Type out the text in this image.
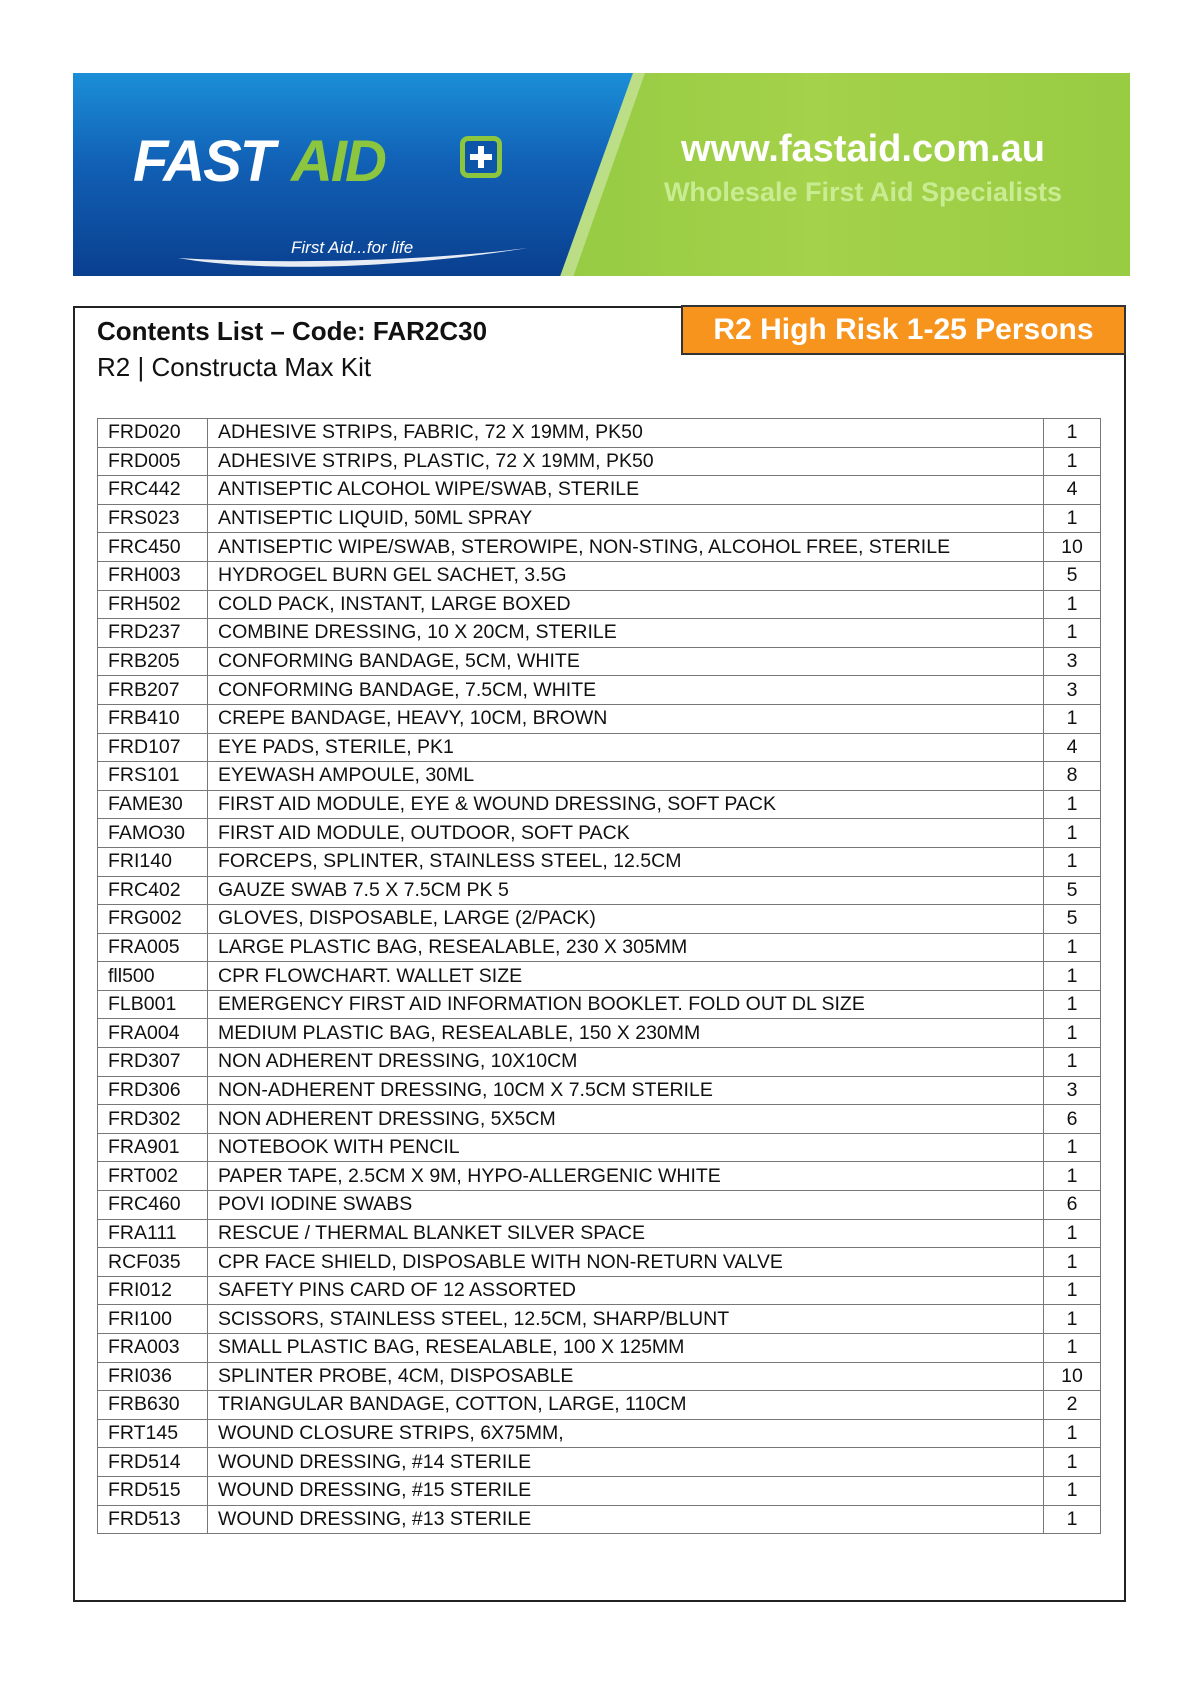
FAST AID
First Aid...for life
www.fastaid.com.au
Wholesale First Aid Specialists
Contents List – Code: FAR2C30
R2 | Constructa Max Kit
R2 High Risk 1-25 Persons
FRD020	ADHESIVE STRIPS, FABRIC, 72 X 19MM, PK50	1
FRD005	ADHESIVE STRIPS, PLASTIC, 72 X 19MM, PK50	1
FRC442	ANTISEPTIC ALCOHOL WIPE/SWAB, STERILE	4
FRS023	ANTISEPTIC LIQUID, 50ML SPRAY	1
FRC450	ANTISEPTIC WIPE/SWAB, STEROWIPE, NON-STING, ALCOHOL FREE, STERILE	10
FRH003	HYDROGEL BURN GEL SACHET, 3.5G	5
FRH502	COLD PACK, INSTANT, LARGE BOXED	1
FRD237	COMBINE DRESSING, 10 X 20CM, STERILE	1
FRB205	CONFORMING BANDAGE, 5CM, WHITE	3
FRB207	CONFORMING BANDAGE, 7.5CM, WHITE	3
FRB410	CREPE BANDAGE, HEAVY, 10CM, BROWN	1
FRD107	EYE PADS, STERILE, PK1	4
FRS101	EYEWASH AMPOULE, 30ML	8
FAME30	FIRST AID MODULE, EYE & WOUND DRESSING, SOFT PACK	1
FAMO30	FIRST AID MODULE, OUTDOOR, SOFT PACK	1
FRI140	FORCEPS, SPLINTER, STAINLESS STEEL, 12.5CM	1
FRC402	GAUZE SWAB 7.5 X 7.5CM PK 5	5
FRG002	GLOVES, DISPOSABLE, LARGE (2/PACK)	5
FRA005	LARGE PLASTIC BAG, RESEALABLE, 230 X 305MM	1
fll500	CPR FLOWCHART. WALLET SIZE	1
FLB001	EMERGENCY FIRST AID INFORMATION BOOKLET. FOLD OUT DL SIZE	1
FRA004	MEDIUM PLASTIC BAG, RESEALABLE, 150 X 230MM	1
FRD307	NON ADHERENT DRESSING, 10X10CM	1
FRD306	NON-ADHERENT DRESSING, 10CM X 7.5CM STERILE	3
FRD302	NON ADHERENT DRESSING, 5X5CM	6
FRA901	NOTEBOOK WITH PENCIL	1
FRT002	PAPER TAPE, 2.5CM X 9M, HYPO-ALLERGENIC WHITE	1
FRC460	POVI IODINE SWABS	6
FRA111	RESCUE / THERMAL BLANKET SILVER SPACE	1
RCF035	CPR FACE SHIELD, DISPOSABLE WITH NON-RETURN VALVE	1
FRI012	SAFETY PINS CARD OF 12 ASSORTED	1
FRI100	SCISSORS, STAINLESS STEEL, 12.5CM, SHARP/BLUNT	1
FRA003	SMALL PLASTIC BAG, RESEALABLE, 100 X 125MM	1
FRI036	SPLINTER PROBE, 4CM, DISPOSABLE	10
FRB630	TRIANGULAR BANDAGE, COTTON, LARGE, 110CM	2
FRT145	WOUND CLOSURE STRIPS, 6X75MM,	1
FRD514	WOUND DRESSING, #14 STERILE	1
FRD515	WOUND DRESSING, #15 STERILE	1
FRD513	WOUND DRESSING, #13 STERILE	1
